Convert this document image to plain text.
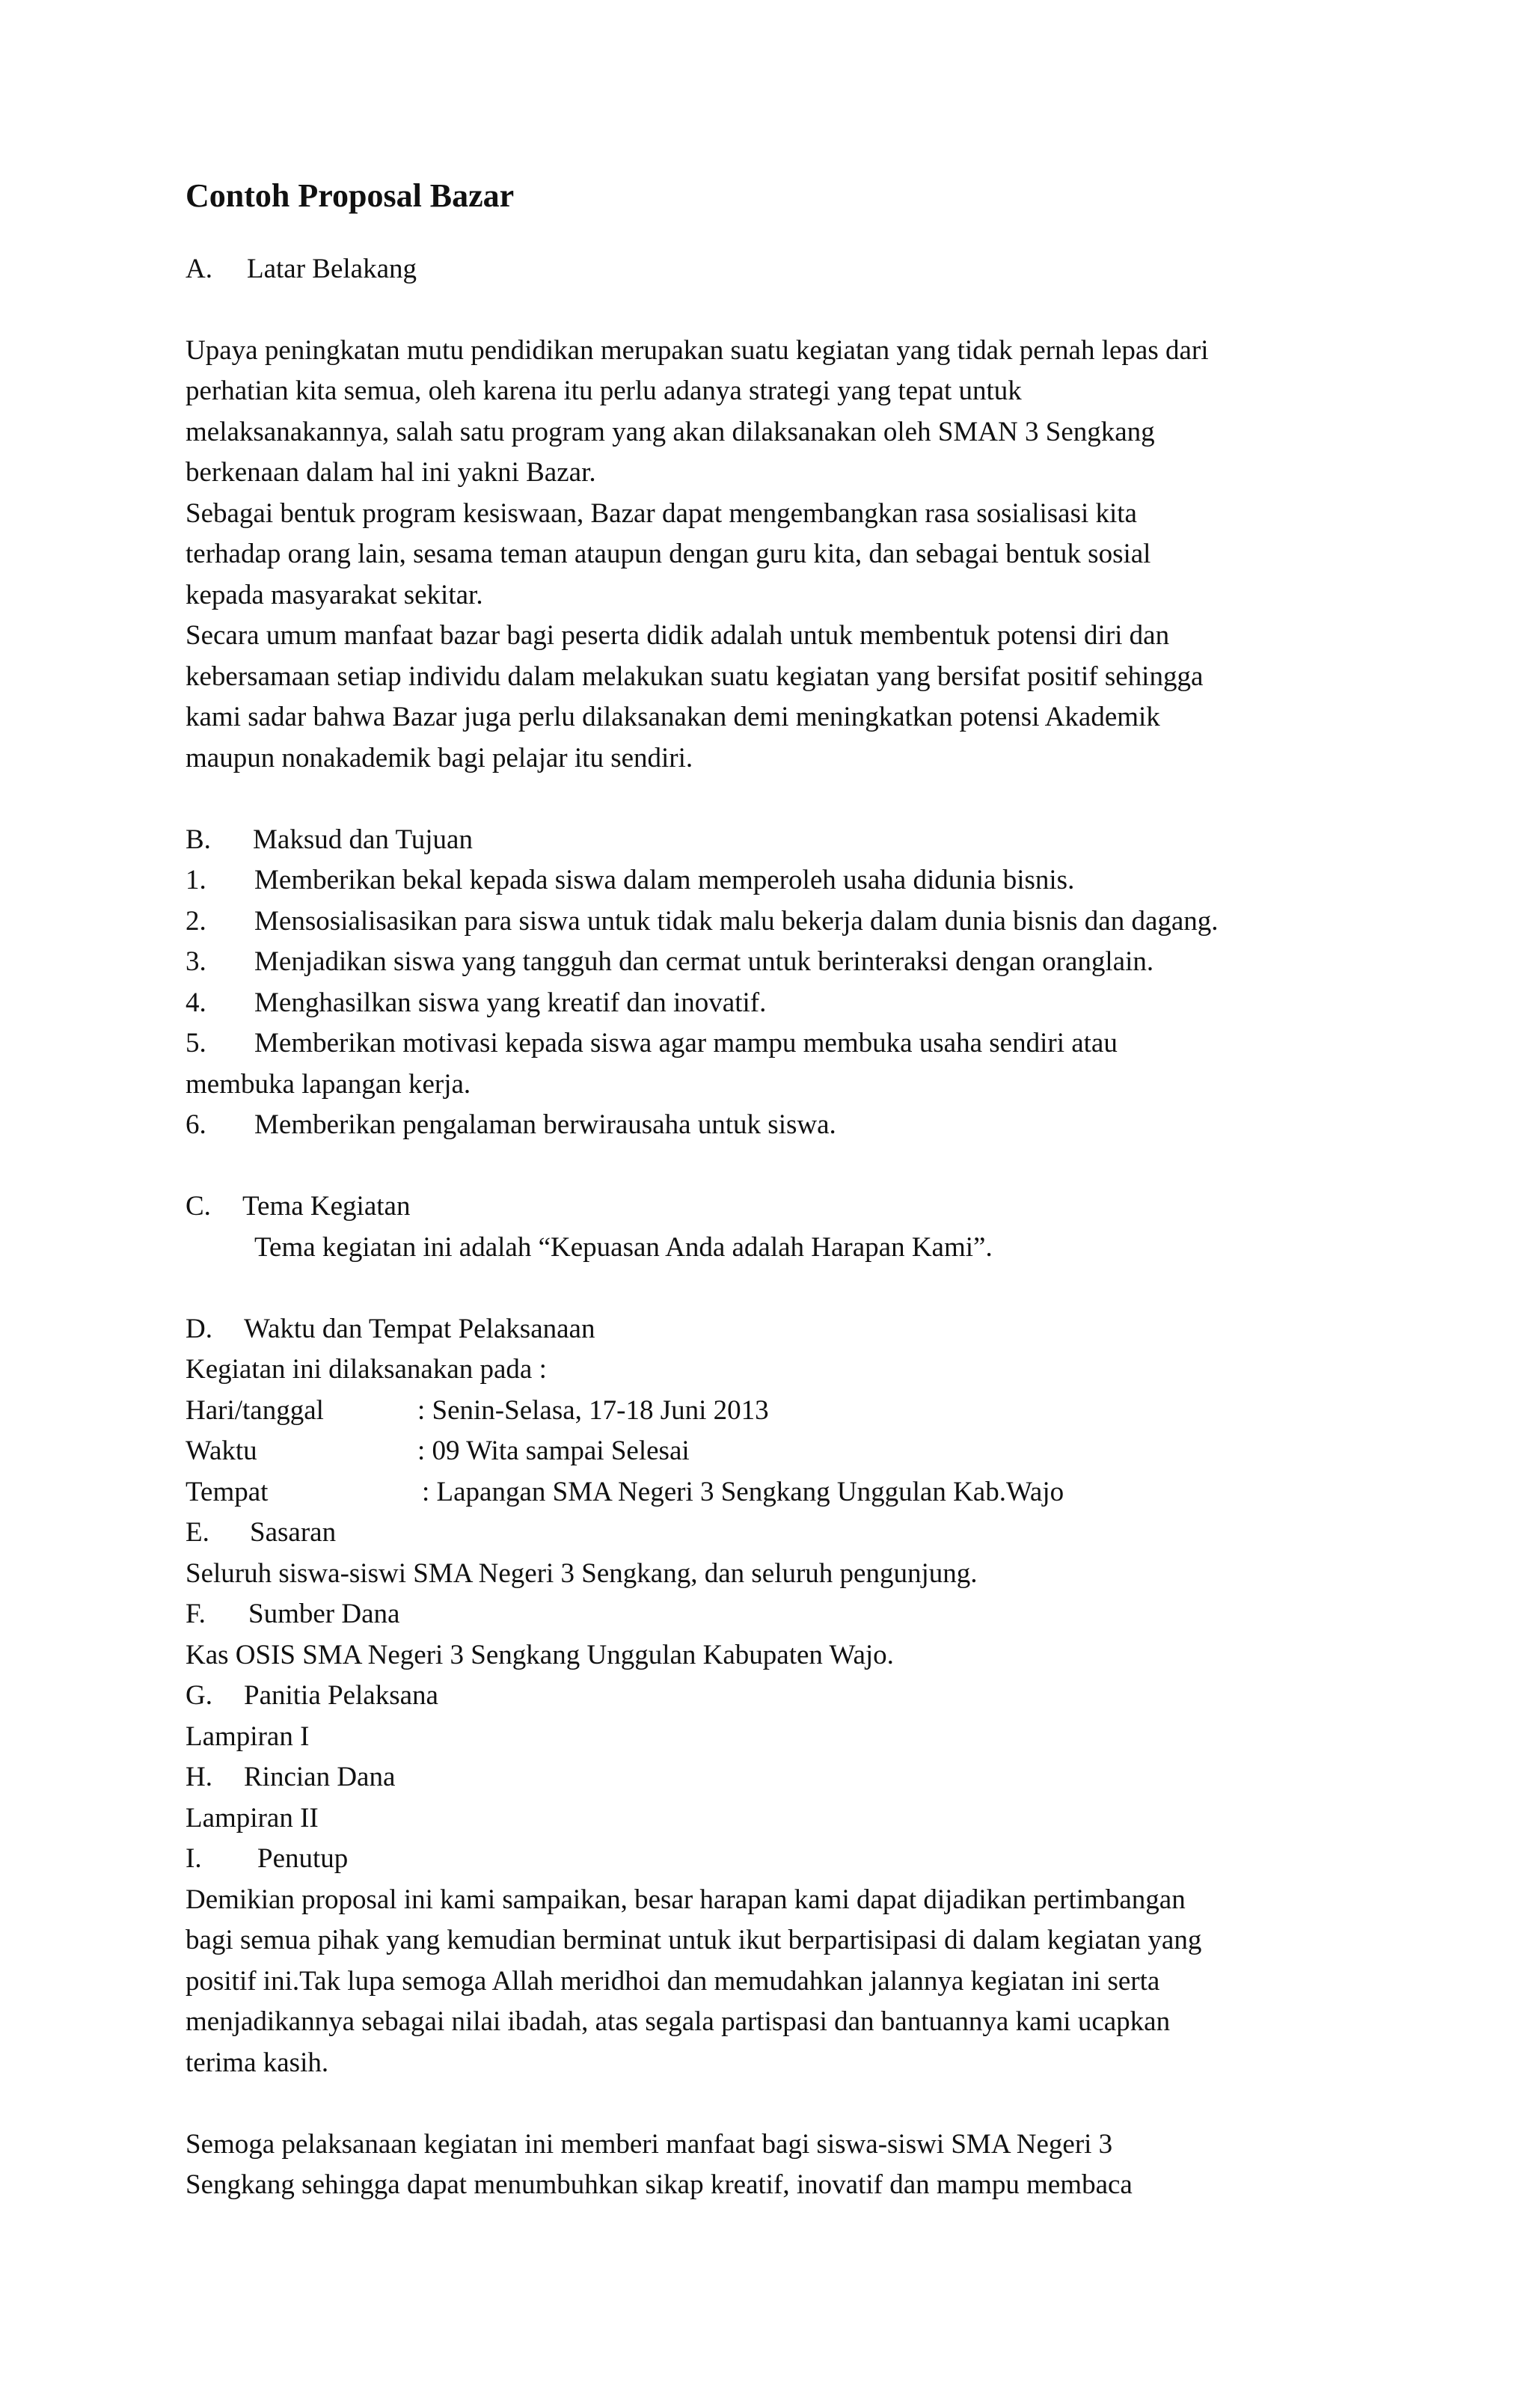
Contoh Proposal Bazar
A. Latar Belakang
Upaya peningkatan mutu pendidikan merupakan suatu kegiatan yang tidak pernah lepas dari
perhatian kita semua, oleh karena itu perlu adanya strategi yang tepat untuk
melaksanakannya, salah satu program yang akan dilaksanakan oleh SMAN 3 Sengkang
berkenaan dalam hal ini yakni Bazar.
Sebagai bentuk program kesiswaan, Bazar dapat mengembangkan rasa sosialisasi kita
terhadap orang lain, sesama teman ataupun dengan guru kita, dan sebagai bentuk sosial
kepada masyarakat sekitar.
Secara umum manfaat bazar bagi peserta didik adalah untuk membentuk potensi diri dan
kebersamaan setiap individu dalam melakukan suatu kegiatan yang bersifat positif sehingga
kami sadar bahwa Bazar juga perlu dilaksanakan demi meningkatkan potensi Akademik
maupun nonakademik bagi pelajar itu sendiri.
B. Maksud dan Tujuan
1. Memberikan bekal kepada siswa dalam memperoleh usaha didunia bisnis.
2. Mensosialisasikan para siswa untuk tidak malu bekerja dalam dunia bisnis dan dagang.
3. Menjadikan siswa yang tangguh dan cermat untuk berinteraksi dengan oranglain.
4. Menghasilkan siswa yang kreatif dan inovatif.
5. Memberikan motivasi kepada siswa agar mampu membuka usaha sendiri atau
membuka lapangan kerja.
6. Memberikan pengalaman berwirausaha untuk siswa.
C. Tema Kegiatan
Tema kegiatan ini adalah “Kepuasan Anda adalah Harapan Kami”.
D. Waktu dan Tempat Pelaksanaan
Kegiatan ini dilaksanakan pada :
Hari/tanggal	: Senin-Selasa, 17-18 Juni 2013
Waktu	: 09 Wita sampai Selesai
Tempat	: Lapangan SMA Negeri 3 Sengkang Unggulan Kab.Wajo
E. Sasaran
Seluruh siswa-siswi SMA Negeri 3 Sengkang, dan seluruh pengunjung.
F. Sumber Dana
Kas OSIS SMA Negeri 3 Sengkang Unggulan Kabupaten Wajo.
G. Panitia Pelaksana
Lampiran I
H. Rincian Dana
Lampiran II
I. Penutup
Demikian proposal ini kami sampaikan, besar harapan kami dapat dijadikan pertimbangan
bagi semua pihak yang kemudian berminat untuk ikut berpartisipasi di dalam kegiatan yang
positif ini.Tak lupa semoga Allah meridhoi dan memudahkan jalannya kegiatan ini serta
menjadikannya sebagai nilai ibadah, atas segala partispasi dan bantuannya kami ucapkan
terima kasih.
Semoga pelaksanaan kegiatan ini memberi manfaat bagi siswa-siswi SMA Negeri 3
Sengkang sehingga dapat menumbuhkan sikap kreatif, inovatif dan mampu membaca
